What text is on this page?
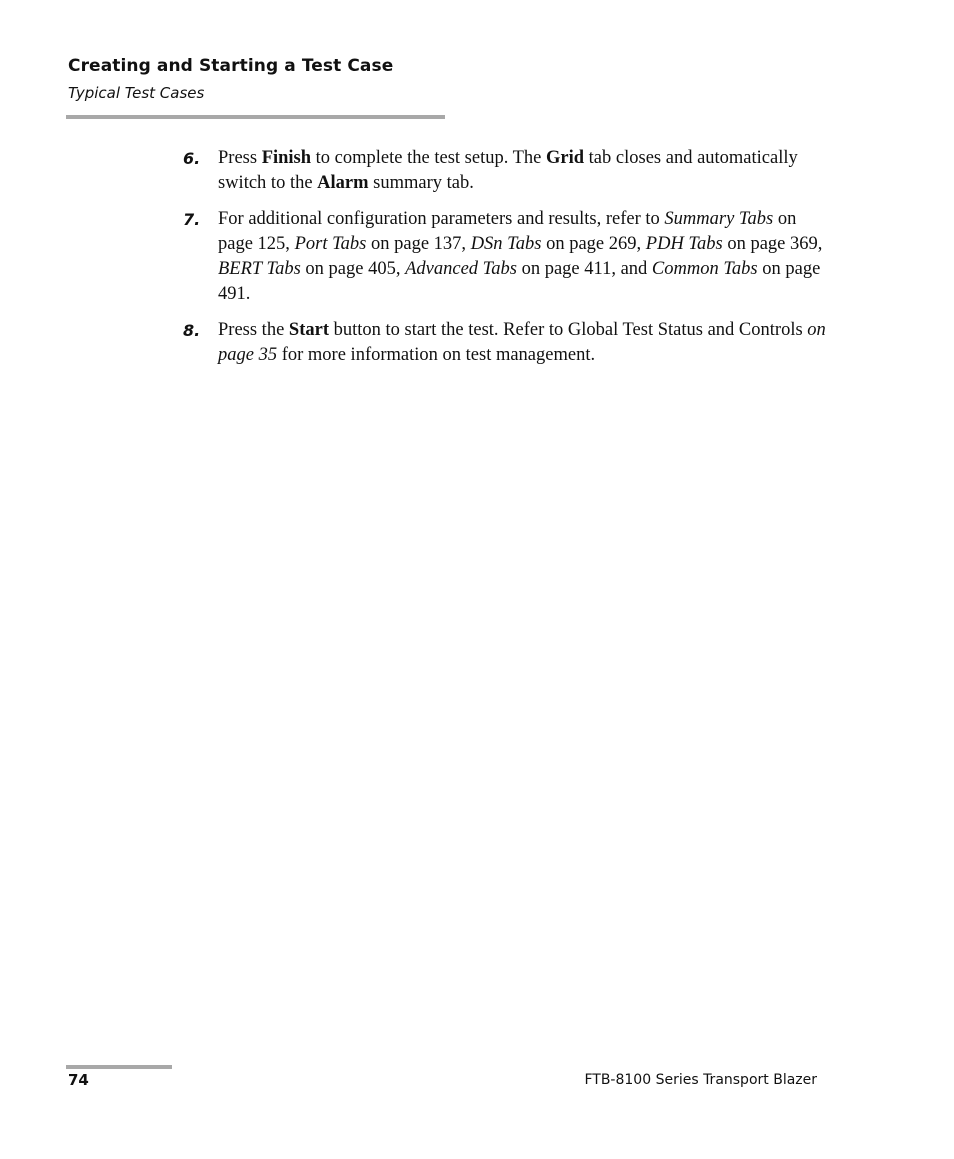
Creating and Starting a Test Case
Typical Test Cases
6. Press Finish to complete the test setup. The Grid tab closes and automatically switch to the Alarm summary tab.
7. For additional configuration parameters and results, refer to Summary Tabs on page 125, Port Tabs on page 137, DSn Tabs on page 269, PDH Tabs on page 369, BERT Tabs on page 405, Advanced Tabs on page 411, and Common Tabs on page 491.
8. Press the Start button to start the test. Refer to Global Test Status and Controls on page 35 for more information on test management.
74	FTB-8100 Series Transport Blazer
